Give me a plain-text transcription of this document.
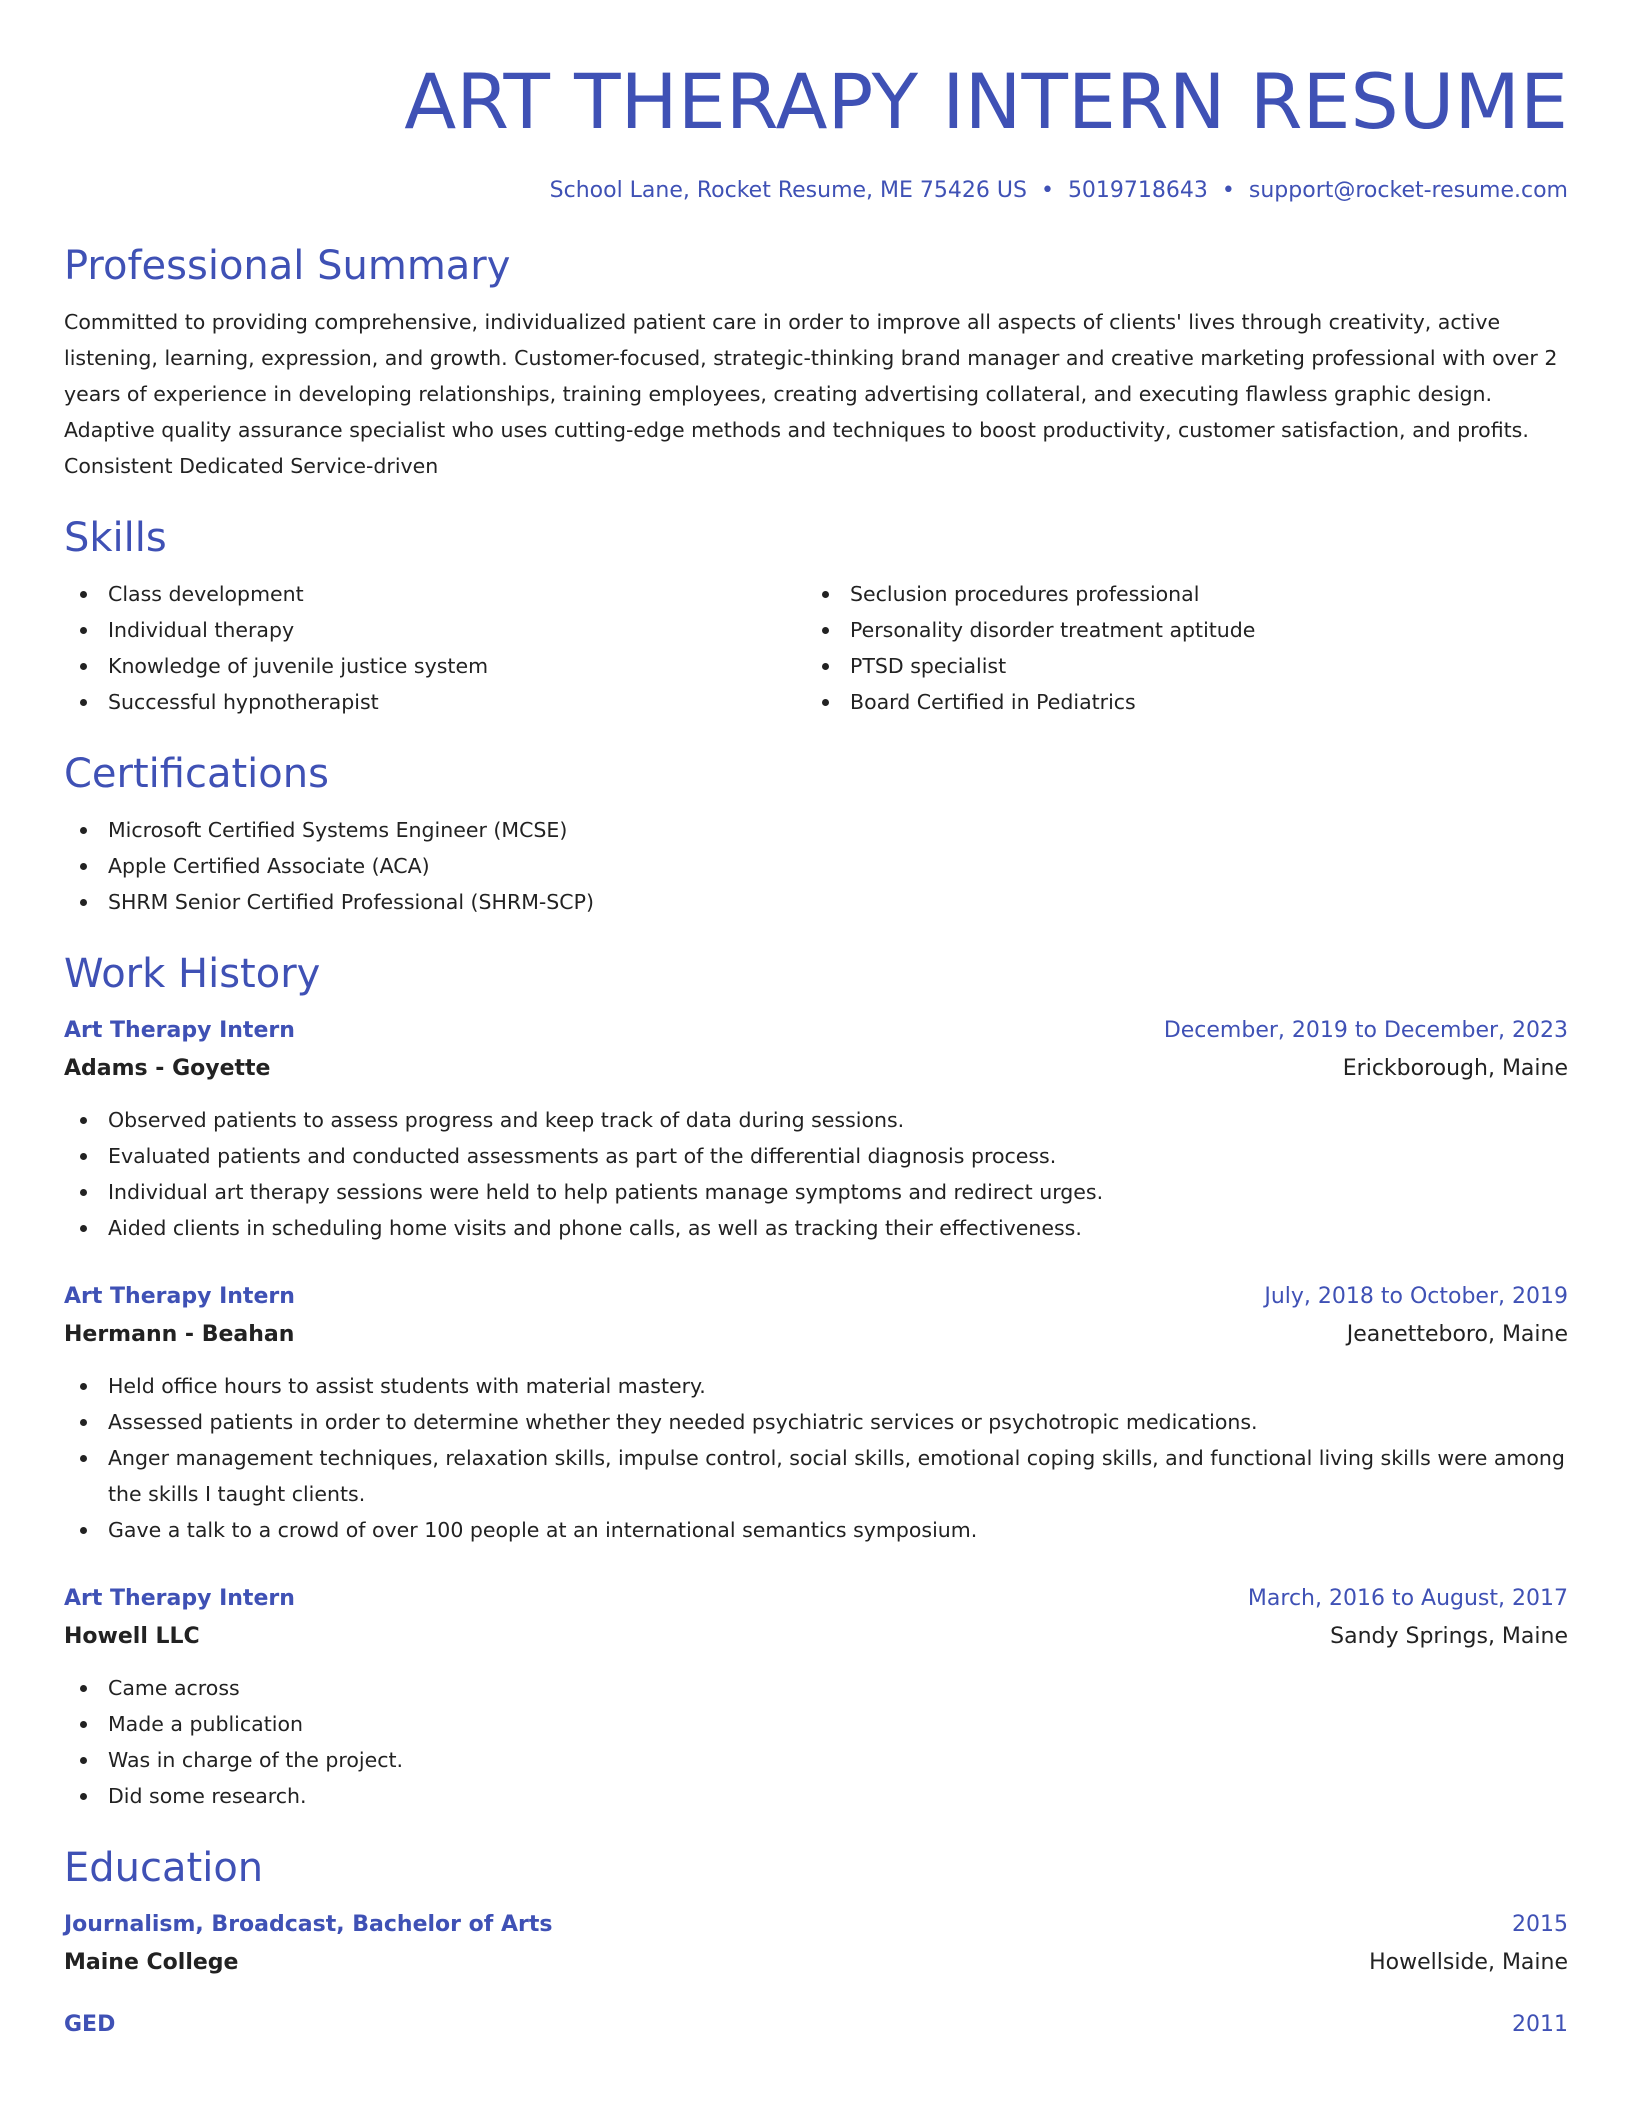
ART THERAPY INTERN RESUME
School Lane, Rocket Resume, ME 75426 US • 5019718643 • support@rocket-resume.com
Professional Summary

Committed to providing comprehensive, individualized patient care in order to improve all aspects of clients' lives through creativity, active listening, learning, expression, and growth. Customer-focused, strategic-thinking brand manager and creative marketing professional with over 2 years of experience in developing relationships, training employees, creating advertising collateral, and executing flawless graphic design. Adaptive quality assurance specialist who uses cutting-edge methods and techniques to boost productivity, customer satisfaction, and profits. Consistent Dedicated Service-driven

Skills
Class development
Individual therapy
Knowledge of juvenile justice system
Successful hypnotherapist
Seclusion procedures professional
Personality disorder treatment aptitude
PTSD specialist
Board Certified in Pediatrics
Certifications
Microsoft Certified Systems Engineer (MCSE)
Apple Certified Associate (ACA)
SHRM Senior Certified Professional (SHRM-SCP)
Work History
Art Therapy Intern	December, 2019 to December, 2023
Adams - Goyette	Erickborough, Maine
Observed patients to assess progress and keep track of data during sessions.
Evaluated patients and conducted assessments as part of the differential diagnosis process.
Individual art therapy sessions were held to help patients manage symptoms and redirect urges.
Aided clients in scheduling home visits and phone calls, as well as tracking their effectiveness.
Art Therapy Intern	July, 2018 to October, 2019
Hermann - Beahan	Jeanetteboro, Maine
Held office hours to assist students with material mastery.
Assessed patients in order to determine whether they needed psychiatric services or psychotropic medications.
Anger management techniques, relaxation skills, impulse control, social skills, emotional coping skills, and functional living skills were among the skills I taught clients.
Gave a talk to a crowd of over 100 people at an international semantics symposium.
Art Therapy Intern	March, 2016 to August, 2017
Howell LLC	Sandy Springs, Maine
Came across
Made a publication
Was in charge of the project.
Did some research.
Education
Journalism, Broadcast, Bachelor of Arts	2015
Maine College	Howellside, Maine
GED	2011
